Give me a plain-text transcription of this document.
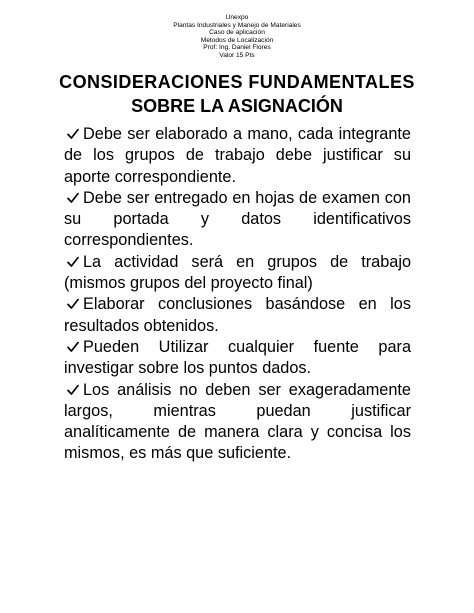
Unexpo
Plantas Industriales y Manejo de Materiales
Caso de aplicación
Metodos de Localización
Prof: Ing. Daniel Flores
Valor 15 Pts
CONSIDERACIONES FUNDAMENTALES
SOBRE LA ASIGNACIÓN
Debe ser elaborado a mano, cada integrante de los grupos de trabajo debe justificar su aporte correspondiente.
Debe ser entregado en hojas de examen con su portada y datos identificativos correspondientes.
La actividad será en grupos de trabajo (mismos grupos del proyecto final)
Elaborar conclusiones basándose en los resultados obtenidos.
Pueden Utilizar cualquier fuente para investigar sobre los puntos dados.
Los análisis no deben ser exageradamente largos, mientras puedan justificar analíticamente de manera clara y concisa los mismos, es más que suficiente.
